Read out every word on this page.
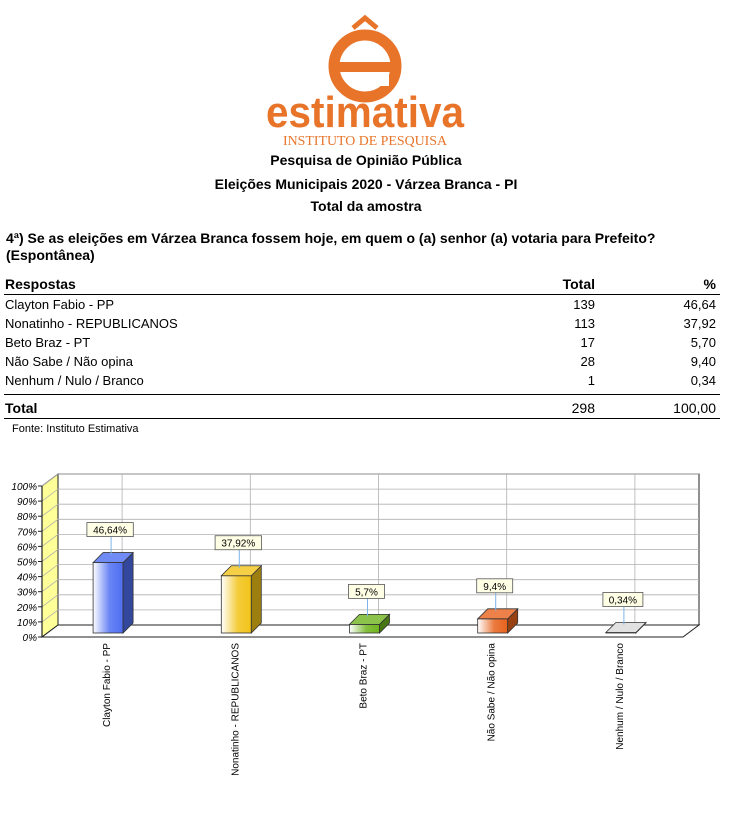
estimativa
INSTITUTO DE PESQUISA
Pesquisa de Opinião Pública
Eleições Municipais 2020 - Várzea Branca - PI
Total da amostra
4ª) Se as eleições em Várzea Branca fossem hoje, em quem o (a) senhor (a) votaria para Prefeito? (Espontânea)
Respostas	Total	%
Clayton Fabio - PP	139	46,64
Nonatinho - REPUBLICANOS	113	37,92
Beto Braz - PT	17	5,70
Não Sabe / Não opina	28	9,40
Nenhum / Nulo / Branco	1	0,34

Total	298	100,00
Fonte: Instituto Estimativa
0%
10%
20%
30%
40%
50%
60%
70%
80%
90%
100%
46,64%
Clayton Fabio - PP
37,92%
Nonatinho - REPUBLICANOS
5,7%
Beto Braz - PT
9,4%
Não Sabe / Não opina
0,34%
Nenhum / Nulo / Branco
